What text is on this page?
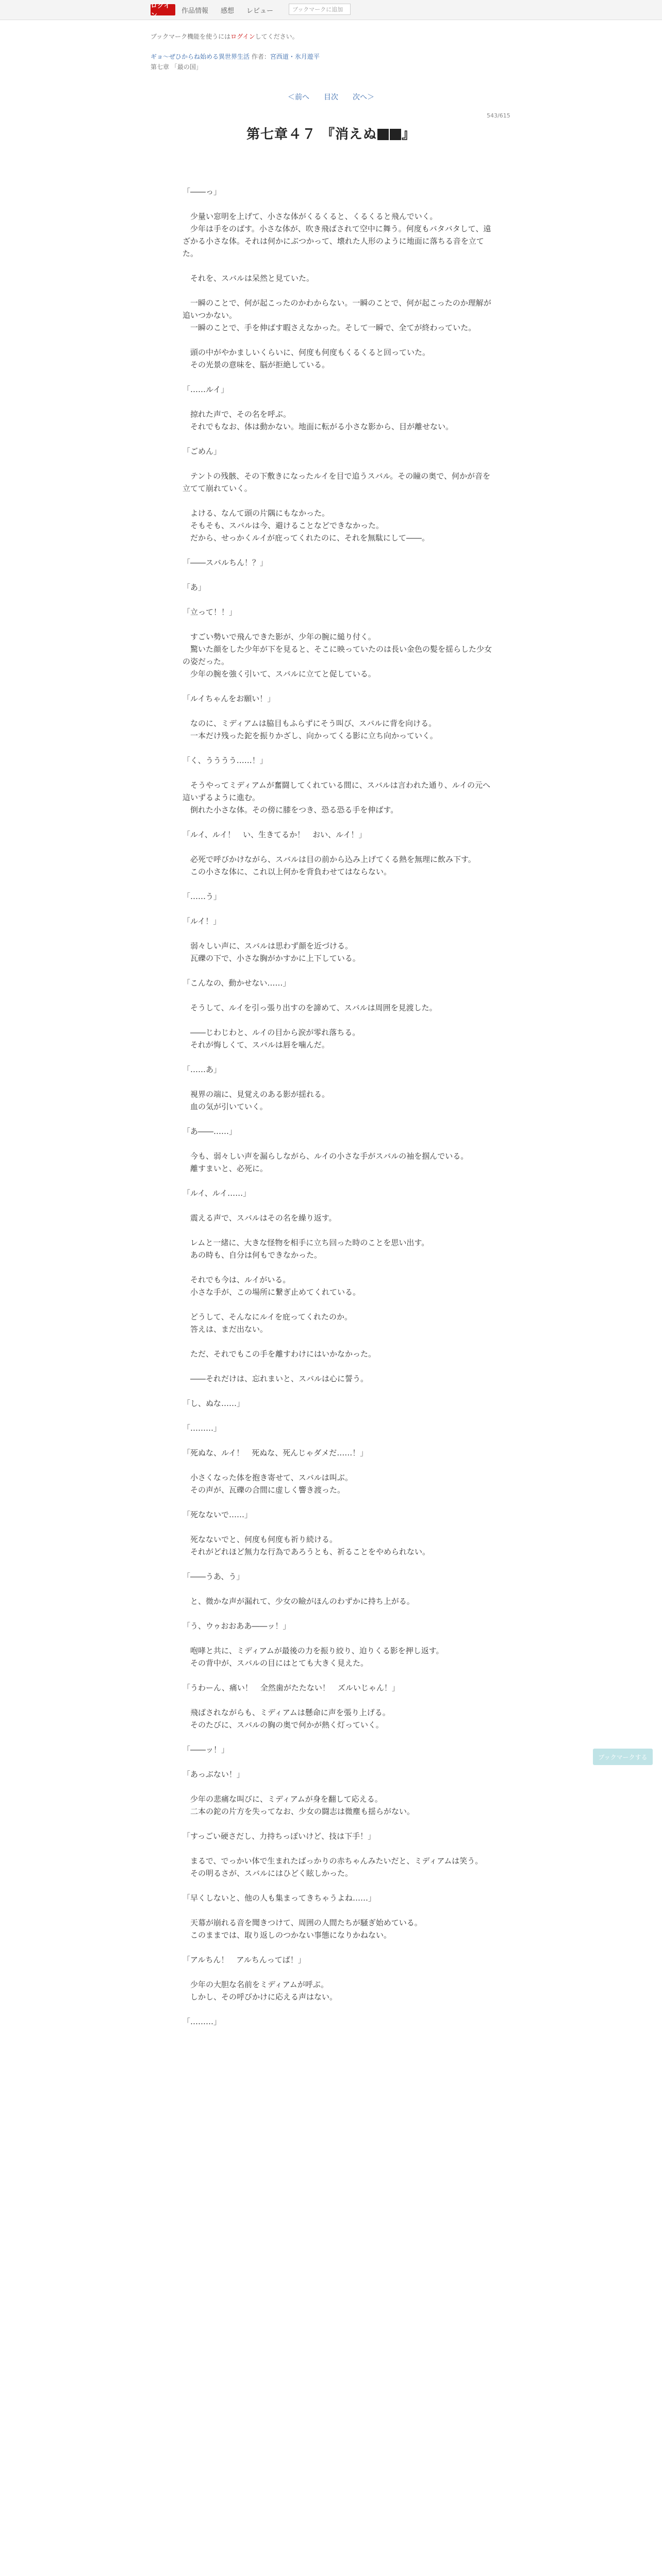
ログイン
作品情報 感想 レビュー	ブックマークに追加
ブックマーク機能を使うにはログインしてください。
ギョ～ぜひからね始める異世界生活 作者：宮西道・氷月遊平
第七章 「最の国」
＜前へ 目次 次へ＞
543/615
第七章４７ 『消えぬ 』

「――っ」

　少量い窓明を上げて、小さな体がくるくると、くるくると飛んでいく。
　少年は手をのばす。小さな体が、吹き飛ばされて空中に舞う。何度もバタバタして、遠ざかる小さな体。それは何かにぶつかって、壊れた人形のように地面に落ちる音を立てた。

　それを、スバルは呆然と見ていた。

　一瞬のことで、何が起こったのかわからない。一瞬のことで、何が起こったのか理解が追いつかない。
　一瞬のことで、手を伸ばす暇さえなかった。そして一瞬で、全てが終わっていた。

　頭の中がやかましいくらいに、何度も何度もくるくると回っていた。
　その光景の意味を、脳が拒絶している。

「……ルイ」

　掠れた声で、その名を呼ぶ。
　それでもなお、体は動かない。地面に転がる小さな影から、目が離せない。

「ごめん」

　テントの残骸、その下敷きになったルイを目で追うスバル。その瞳の奥で、何かが音を立てて崩れていく。

　よける、なんて頭の片隅にもなかった。
　そもそも、スバルは今、避けることなどできなかった。
　だから、せっかくルイが庇ってくれたのに、それを無駄にして――。

「――スバルちん！？」

「あ」

「立って！！」

　すごい勢いで飛んできた影が、少年の腕に縋り付く。
　驚いた顔をした少年が下を見ると、そこに映っていたのは長い金色の髪を揺らした少女の姿だった。
　少年の腕を強く引いて、スバルに立てと促している。

「ルイちゃんをお願い！」

　なのに、ミディアムは脇目もふらずにそう叫び、スバルに背を向ける。
　一本だけ残った鉈を振りかざし、向かってくる影に立ち向かっていく。

「く、うううう……！」

　そうやってミディアムが奮闘してくれている間に、スバルは言われた通り、ルイの元へ這いずるように進む。
　倒れた小さな体。その傍に膝をつき、恐る恐る手を伸ばす。

「ルイ、ルイ！　い、生きてるか！　おい、ルイ！」

　必死で呼びかけながら、スバルは目の前から込み上げてくる熱を無理に飲み下す。
　この小さな体に、これ以上何かを背負わせてはならない。

「……う」

「ルイ！」

　弱々しい声に、スバルは思わず顔を近づける。
　瓦礫の下で、小さな胸がかすかに上下している。

「こんなの、動かせない……」

　そうして、ルイを引っ張り出すのを諦めて、スバルは周囲を見渡した。

　――じわじわと、ルイの目から涙が零れ落ちる。
　それが悔しくて、スバルは唇を噛んだ。

「……あ」

　視界の端に、見覚えのある影が揺れる。
　血の気が引いていく。

「あ――……」

　今も、弱々しい声を漏らしながら、ルイの小さな手がスバルの袖を掴んでいる。
　離すまいと、必死に。

「ルイ、ルイ……」

　震える声で、スバルはその名を繰り返す。

　レムと一緒に、大きな怪物を相手に立ち回った時のことを思い出す。
　あの時も、自分は何もできなかった。

　それでも今は、ルイがいる。
　小さな手が、この場所に繋ぎ止めてくれている。

　どうして、そんなにルイを庇ってくれたのか。
　答えは、まだ出ない。

　ただ、それでもこの手を離すわけにはいかなかった。

　――それだけは、忘れまいと、スバルは心に誓う。

「し、ぬな……」

「………」

「死ぬな、ルイ！　死ぬな、死んじゃダメだ……！」

　小さくなった体を抱き寄せて、スバルは叫ぶ。
　その声が、瓦礫の合間に虚しく響き渡った。

「死なないで……」

　死なないでと、何度も何度も祈り続ける。
　それがどれほど無力な行為であろうとも、祈ることをやめられない。

「――うあ、う」

　と、微かな声が漏れて、少女の瞼がほんのわずかに持ち上がる。

「う、ウゥおおああ――ッ！」

　咆哮と共に、ミディアムが最後の力を振り絞り、迫りくる影を押し返す。
　その背中が、スバルの目にはとても大きく見えた。

「うわーん、痛い！　全然歯がたたない！　ズルいじゃん！」

　飛ばされながらも、ミディアムは懸命に声を張り上げる。
　そのたびに、スバルの胸の奥で何かが熱く灯っていく。

「――ッ！」

「あっぶない！」

　少年の悲痛な叫びに、ミディアムが身を翻して応える。
　二本の鉈の片方を失ってなお、少女の闘志は微塵も揺らがない。

「すっごい硬さだし、力持ちっぽいけど、技は下手！」

　まるで、でっかい体で生まれたばっかりの赤ちゃんみたいだと、ミディアムは笑う。
　その明るさが、スバルにはひどく眩しかった。

「早くしないと、他の人も集まってきちゃうよね……」

　天幕が崩れる音を聞きつけて、周囲の人間たちが騒ぎ始めている。
　このままでは、取り返しのつかない事態になりかねない。

「アルちん！　アルちんってば！」

　少年の大胆な名前をミディアムが呼ぶ。
　しかし、その呼びかけに応える声はない。

「………」

ブックマークする
